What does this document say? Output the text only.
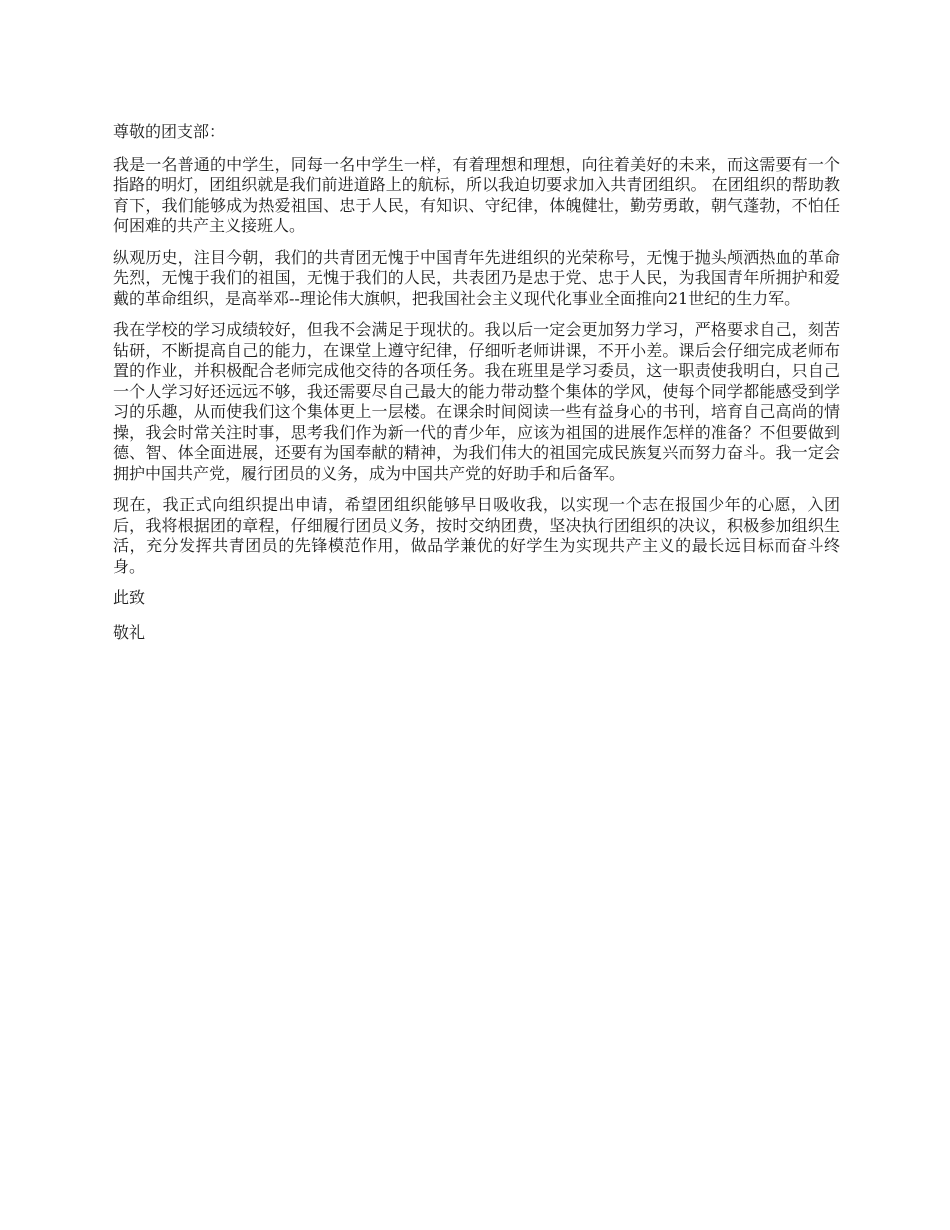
尊敬的团支部：

我是一名普通的中学生，同每一名中学生一样，有着理想和理想，向往着美好的未来，而这需要有一个指路的明灯，团组织就是我们前进道路上的航标，所以我迫切要求加入共青团组织。 在团组织的帮助教育下，我们能够成为热爱祖国、忠于人民，有知识、守纪律，体魄健壮，勤劳勇敢，朝气蓬勃，不怕任何困难的共产主义接班人。

纵观历史，注目今朝，我们的共青团无愧于中国青年先进组织的光荣称号，无愧于抛头颅洒热血的革命先烈，无愧于我们的祖国，无愧于我们的人民，共表团乃是忠于党、忠于人民，为我国青年所拥护和爱戴的革命组织，是高举邓--理论伟大旗帜，把我国社会主义现代化事业全面推向21世纪的生力军。

我在学校的学习成绩较好，但我不会满足于现状的。我以后一定会更加努力学习，严格要求自己，刻苦钻研，不断提高自己的能力，在课堂上遵守纪律，仔细听老师讲课，不开小差。课后会仔细完成老师布置的作业，并积极配合老师完成他交待的各项任务。我在班里是学习委员，这一职责使我明白，只自己一个人学习好还远远不够，我还需要尽自己最大的能力带动整个集体的学风，使每个同学都能感受到学习的乐趣，从而使我们这个集体更上一层楼。在课余时间阅读一些有益身心的书刊，培育自己高尚的情操，我会时常关注时事，思考我们作为新一代的青少年，应该为祖国的进展作怎样的准备？不但要做到德、智、体全面进展，还要有为国奉献的精神，为我们伟大的祖国完成民族复兴而努力奋斗。我一定会拥护中国共产党，履行团员的义务，成为中国共产党的好助手和后备军。

现在，我正式向组织提出申请，希望团组织能够早日吸收我，以实现一个志在报国少年的心愿，入团后，我将根据团的章程，仔细履行团员义务，按时交纳团费，坚决执行团组织的决议，积极参加组织生活，充分发挥共青团员的先锋模范作用，做品学兼优的好学生为实现共产主义的最长远目标而奋斗终身。

此致

敬礼
